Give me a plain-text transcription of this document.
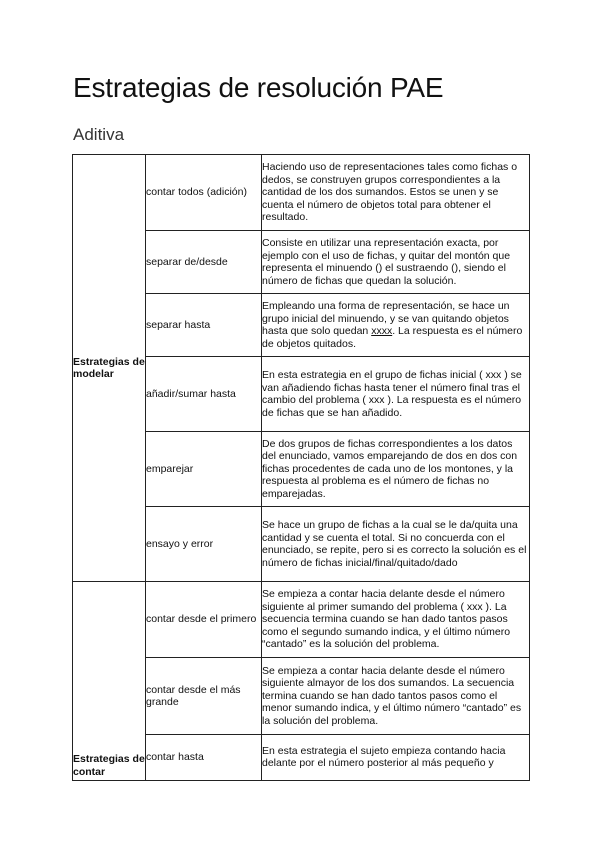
Estrategias de resolución PAE
Aditiva
Estrategias de modelar	contar todos (adición)	Haciendo uso de representaciones tales como fichas o dedos, se construyen grupos correspondientes a la cantidad de los dos sumandos. Estos se unen y se cuenta el número de objetos total para obtener el resultado.
	separar de/desde	Consiste en utilizar una representación exacta, por ejemplo con el uso de fichas, y quitar del montón que representa el minuendo () el sustraendo (), siendo el número de fichas que quedan la solución.
	separar hasta	Empleando una forma de representación, se hace un grupo inicial del minuendo, y se van quitando objetos hasta que solo quedan xxxx. La respuesta es el número de objetos quitados.
	añadir/sumar hasta	En esta estrategia en el grupo de fichas inicial ( xxx ) se van añadiendo fichas hasta tener el número final tras el cambio del problema ( xxx ). La respuesta es el número de fichas que se han añadido.
	emparejar	De dos grupos de fichas correspondientes a los datos del enunciado, vamos emparejando de dos en dos con fichas procedentes de cada uno de los montones, y la respuesta al problema es el número de fichas no emparejadas.
	ensayo y error	Se hace un grupo de fichas a la cual se le da/quita una cantidad y se cuenta el total. Si no concuerda con el enunciado, se repite, pero si es correcto la solución es el número de fichas inicial/final/quitado/dado

Estrategias de contar	contar desde el primero	Se empieza a contar hacia delante desde el número siguiente al primer sumando del problema ( xxx ). La secuencia termina cuando se han dado tantos pasos como el segundo sumando indica, y el último número “cantado” es la solución del problema.
	contar desde el más grande	Se empieza a contar hacia delante desde el número siguiente almayor de los dos sumandos. La secuencia termina cuando se han dado tantos pasos como el menor sumando indica, y el último número “cantado” es la solución del problema.
	contar hasta	En esta estrategia el sujeto empieza contando hacia delante por el número posterior al más pequeño y
